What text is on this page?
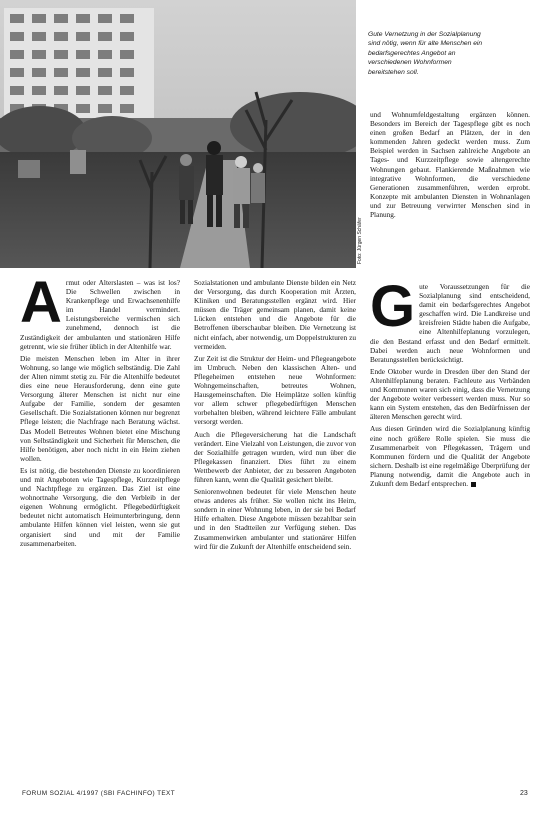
Foto: Jürgen Schäfer
Gute Vernetzung in der Sozialplanung sind nötig, wenn für alte Menschen ein bedarfsgerechtes Angebot an verschiedenen Wohnformen bereitstehen soll.
A rmut oder Alterslasten – was ist los? Die Schwellen zwischen in Krankenpflege und Erwachsenenhilfe im Handel vermindert. Leistungsbereiche vermischen sich zunehmend, dennoch ist die Zuständigkeit der ambulanten und stationären Hilfe getrennt, wie sie früher üblich in der Altenhilfe war.

Die meisten Menschen leben im Alter in ihrer Wohnung, so lange wie möglich selbständig. Die Zahl der Alten nimmt stetig zu. Für die Altenhilfe bedeutet dies eine neue Herausforderung, denn eine gute Versorgung älterer Menschen ist nicht nur eine Aufgabe der Familie, sondern der gesamten Gesellschaft. Die Sozialstationen können nur begrenzt Pflege leisten; die Nachfrage nach Beratung wächst. Das Modell Betreutes Wohnen bietet eine Mischung von Selbständigkeit und Sicherheit für Menschen, die Hilfe benötigen, aber noch nicht in ein Heim ziehen wollen.

Es ist nötig, die bestehenden Dienste zu koordinieren und mit Angeboten wie Tagespflege, Kurzzeitpflege und Nachtpflege zu ergänzen. Das Ziel ist eine wohnortnahe Versorgung, die den Verbleib in der eigenen Wohnung ermöglicht. Pflegebedürftigkeit bedeutet nicht automatisch Heimunterbringung, denn ambulante Hilfen können viel leisten, wenn sie gut organisiert sind und mit der Familie zusammenarbeiten.

Sozialstationen und ambulante Dienste bilden ein Netz der Versorgung, das durch Kooperation mit Ärzten, Kliniken und Beratungsstellen ergänzt wird. Hier müssen die Träger gemeinsam planen, damit keine Lücken entstehen und die Angebote für die Betroffenen überschaubar bleiben. Die Vernetzung ist nicht einfach, aber notwendig, um Doppelstrukturen zu vermeiden.

Zur Zeit ist die Struktur der Heim- und Pflegeangebote im Umbruch. Neben den klassischen Alten- und Pflegeheimen entstehen neue Wohnformen: Wohngemeinschaften, betreutes Wohnen, Hausgemeinschaften. Die Heimplätze sollen künftig vor allem schwer pflegebedürftigen Menschen vorbehalten bleiben, während leichtere Fälle ambulant versorgt werden.

Auch die Pflegeversicherung hat die Landschaft verändert. Eine Vielzahl von Leistungen, die zuvor von der Sozialhilfe getragen wurden, wird nun über die Pflegekassen finanziert. Dies führt zu einem Wettbewerb der Anbieter, der zu besseren Angeboten führen kann, wenn die Qualität gesichert bleibt.

Seniorenwohnen bedeutet für viele Menschen heute etwas anderes als früher. Sie wollen nicht ins Heim, sondern in einer Wohnung leben, in der sie bei Bedarf Hilfe erhalten. Diese Angebote müssen bezahlbar sein und in den Stadtteilen zur Verfügung stehen. Das Zusammenwirken ambulanter und stationärer Hilfen wird für die Zukunft der Altenhilfe entscheidend sein.

und Wohnumfeldgestaltung ergänzen können. Besonders im Bereich der Tagespflege gibt es noch einen großen Bedarf an Plätzen, der in den kommenden Jahren gedeckt werden muss. Zum Beispiel werden in Sachsen zahlreiche Angebote an Tages- und Kurzzeitpflege sowie altengerechte Wohnungen gebaut. Flankierende Maßnahmen wie integrative Wohnformen, die verschiedene Generationen zusammenführen, werden erprobt. Konzepte mit ambulanten Diensten in Wohnanlagen und zur Betreuung verwirrter Menschen sind in Planung.

G ute Voraussetzungen für die Sozialplanung sind entscheidend, damit ein bedarfsgerechtes Angebot geschaffen wird. Die Landkreise und kreisfreien Städte haben die Aufgabe, eine Altenhilfeplanung vorzulegen, die den Bestand erfasst und den Bedarf ermittelt. Dabei werden auch neue Wohnformen und Beratungsstellen berücksichtigt.

Ende Oktober wurde in Dresden über den Stand der Altenhilfeplanung beraten. Fachleute aus Verbänden und Kommunen waren sich einig, dass die Vernetzung der Angebote weiter verbessert werden muss. Nur so kann ein System entstehen, das den Bedürfnissen der älteren Menschen gerecht wird.

Aus diesen Gründen wird die Sozialplanung künftig eine noch größere Rolle spielen. Sie muss die Zusammenarbeit von Pflegekassen, Trägern und Kommunen fördern und die Qualität der Angebote sichern. Deshalb ist eine regelmäßige Überprüfung der Planung notwendig, damit die Angebote auch in Zukunft dem Bedarf entsprechen.

FORUM SOZIAL 4/1997 (SBI FACHINFO) TEXT	23
